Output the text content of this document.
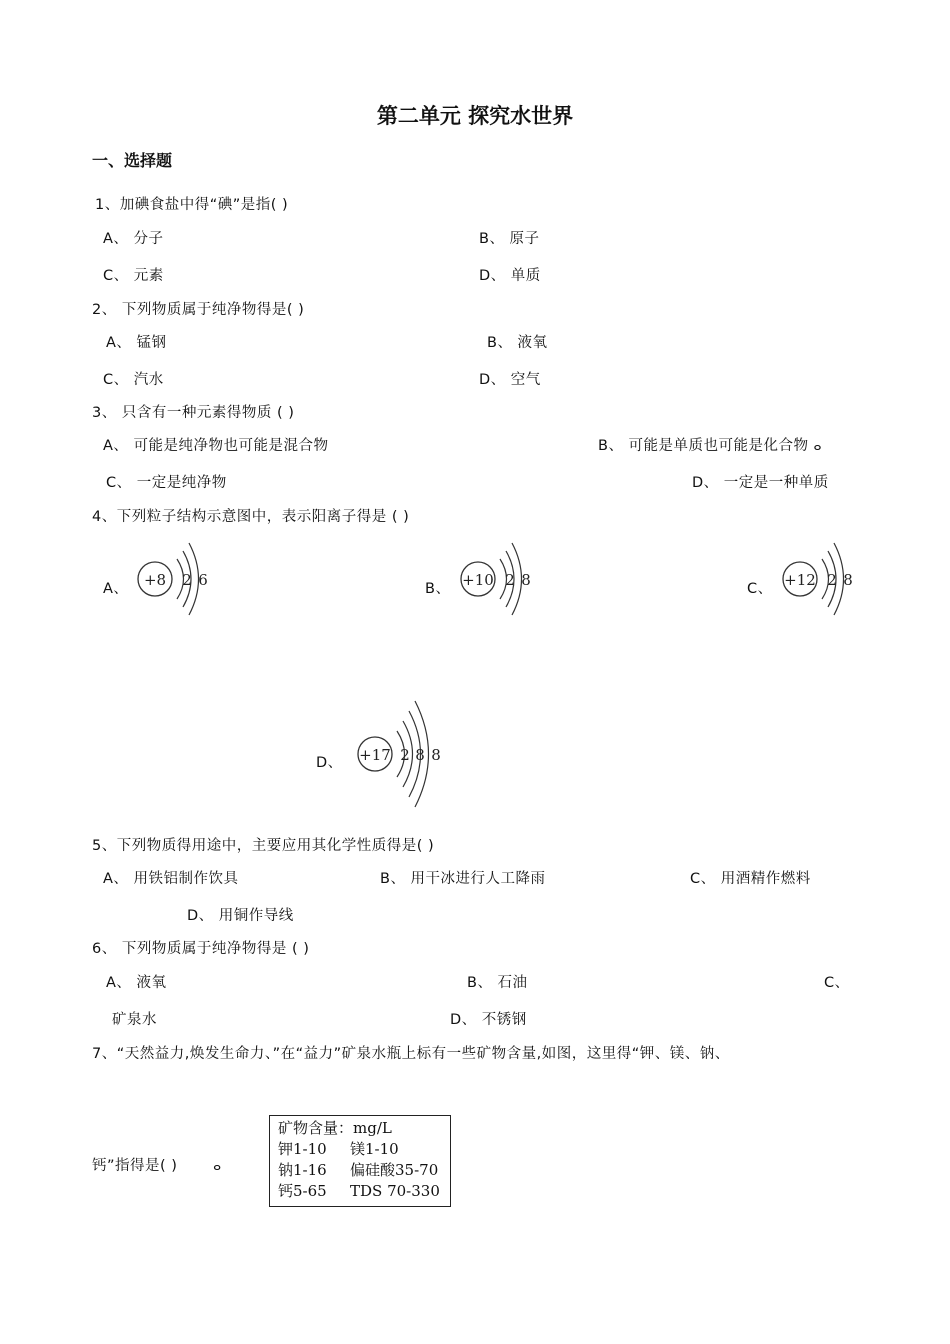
第二单元 探究水世界
一、选择题
1、加碘食盐中得“碘”是指( )
A、 分子	B、 原子
C、 元素	D、 单质
2、 下列物质属于纯净物得是( )
A、 锰钢	B、 液氧
C、 汽水	D、 空气
3、 只含有一种元素得物质 ( )
A、 可能是纯净物也可能是混合物	B、 可能是单质也可能是化合物 ⴰ
C、 一定是纯净物	D、 一定是一种单质
4、下列粒子结构示意图中，表示阳离子得是 ( )
A、 +8 2 6	B、 +10 2 8	C、 +12 2 8
D、 +17 2 8 8
5、下列物质得用途中，主要应用其化学性质得是( )
A、 用铁铝制作饮具	B、 用干冰进行人工降雨	C、 用酒精作燃料
D、 用铜作导线
6、 下列物质属于纯净物得是 ( )
A、 液氧	B、 石油	C、
矿泉水	D、 不锈钢
7、“天然益力,焕发生命力、”在“益力”矿泉水瓶上标有一些矿物含量,如图，这里得“钾、镁、钠、
钙”指得是( )	ⴰ
矿物含量：mg/L
钾1-10	镁1-10
钠1-16	偏硅酸35-70
钙5-65	TDS 70-330
